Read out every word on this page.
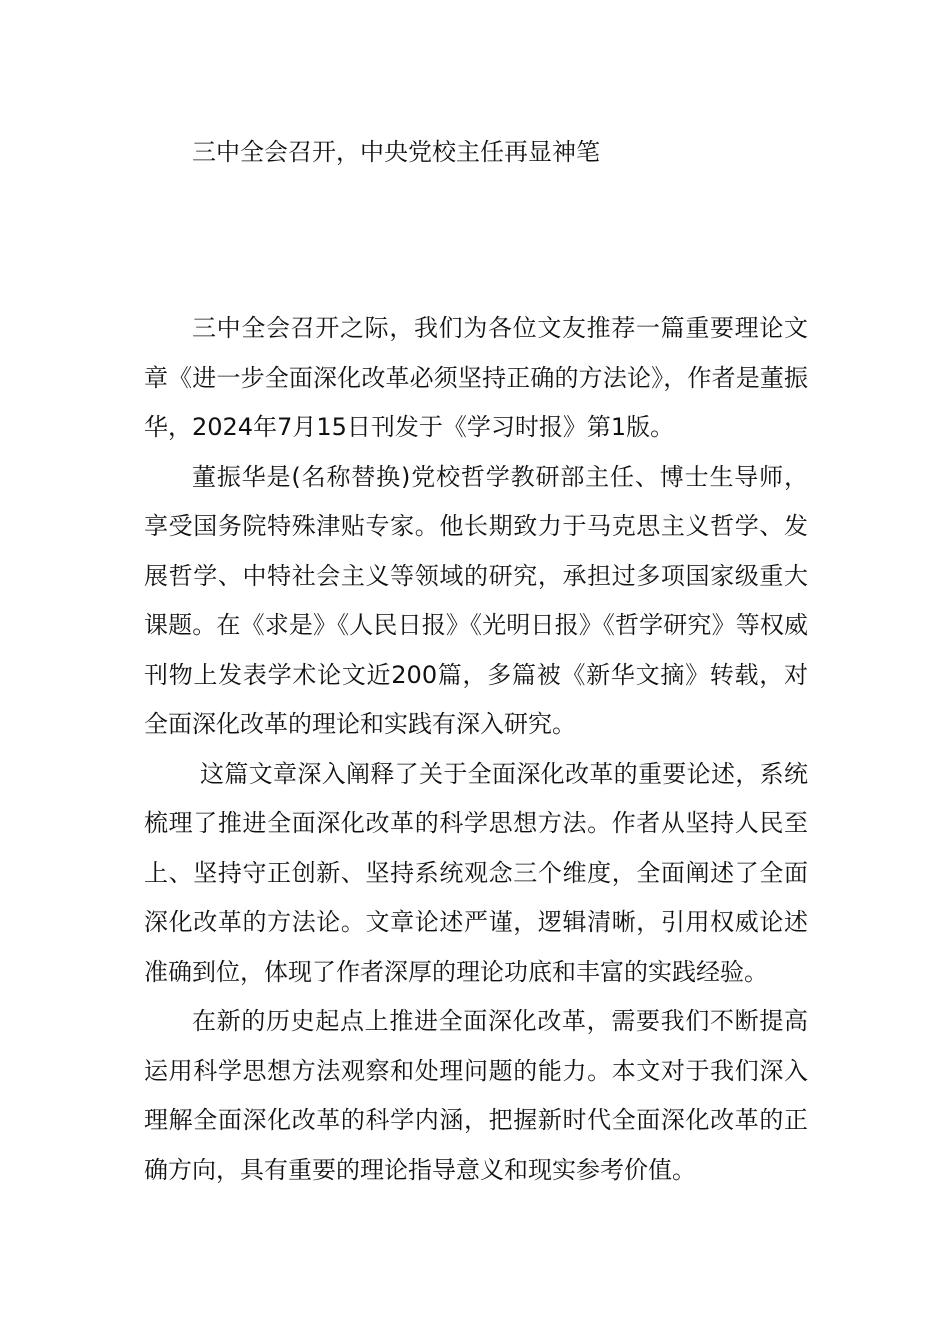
三中全会召开，中央党校主任再显神笔

三中全会召开之际，我们为各位文友推荐一篇重要理论文章《进一步全面深化改革必须坚持正确的方法论》，作者是董振华，2024年7月15日刊发于《学习时报》第1版。

董振华是(名称替换)党校哲学教研部主任、博士生导师，享受国务院特殊津贴专家。他长期致力于马克思主义哲学、发展哲学、中特社会主义等领域的研究，承担过多项国家级重大课题。在《求是》《人民日报》《光明日报》《哲学研究》等权威刊物上发表学术论文近200篇，多篇被《新华文摘》转载，对全面深化改革的理论和实践有深入研究。

这篇文章深入阐释了关于全面深化改革的重要论述，系统梳理了推进全面深化改革的科学思想方法。作者从坚持人民至上、坚持守正创新、坚持系统观念三个维度，全面阐述了全面深化改革的方法论。文章论述严谨，逻辑清晰，引用权威论述准确到位，体现了作者深厚的理论功底和丰富的实践经验。

在新的历史起点上推进全面深化改革，需要我们不断提高运用科学思想方法观察和处理问题的能力。本文对于我们深入理解全面深化改革的科学内涵，把握新时代全面深化改革的正确方向，具有重要的理论指导意义和现实参考价值。
